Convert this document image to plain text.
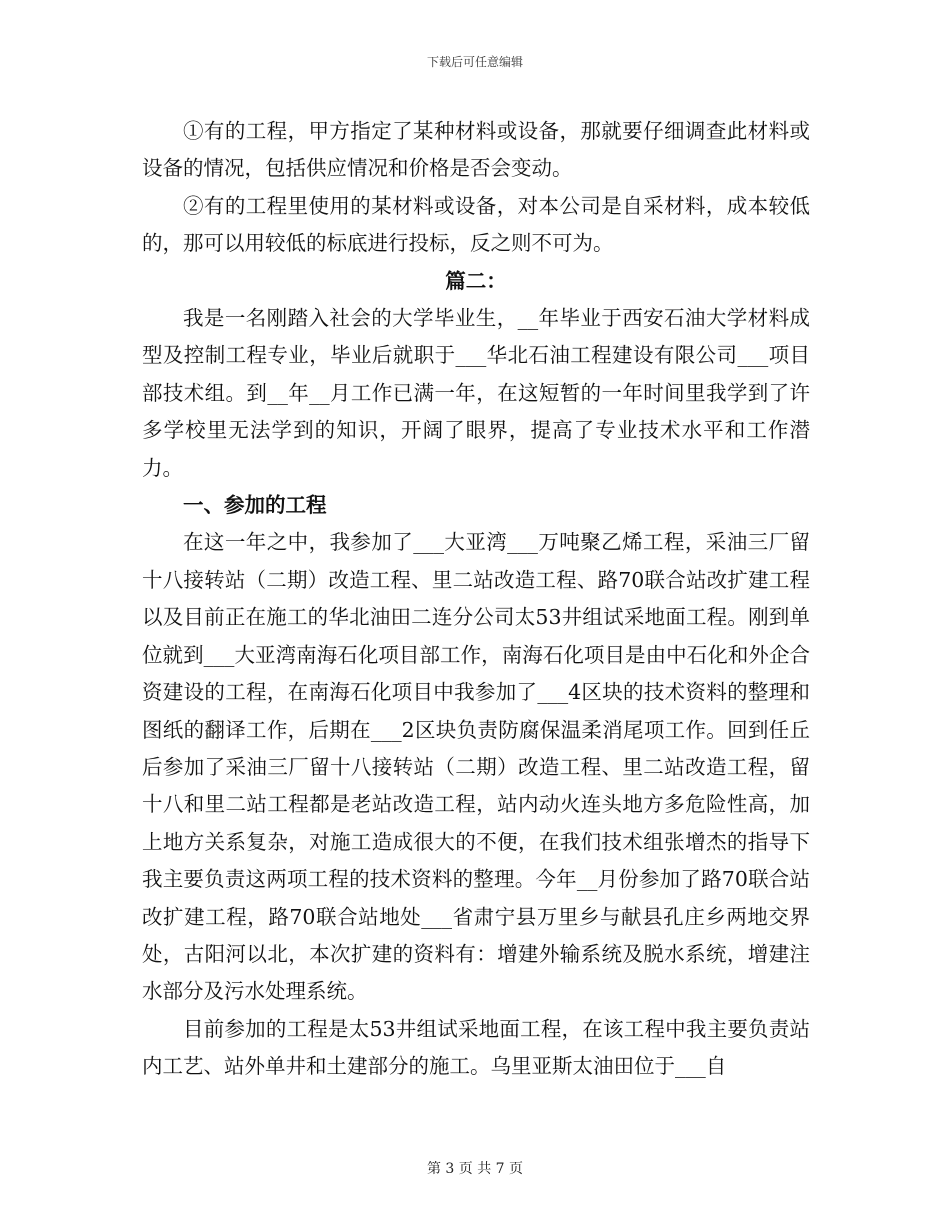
下载后可任意编辑

①有的工程，甲方指定了某种材料或设备，那就要仔细调查此材料或设备的情况，包括供应情况和价格是否会变动。

②有的工程里使用的某材料或设备，对本公司是自采材料，成本较低的，那可以用较低的标底进行投标，反之则不可为。

篇二：

我是一名刚踏入社会的大学毕业生，__年毕业于西安石油大学材料成型及控制工程专业，毕业后就职于___华北石油工程建设有限公司___项目部技术组。到__年__月工作已满一年，在这短暂的一年时间里我学到了许多学校里无法学到的知识，开阔了眼界，提高了专业技术水平和工作潜力。

一、参加的工程

在这一年之中，我参加了___大亚湾___万吨聚乙烯工程，采油三厂留十八接转站（二期）改造工程、里二站改造工程、路70联合站改扩建工程以及目前正在施工的华北油田二连分公司太53井组试采地面工程。刚到单位就到___大亚湾南海石化项目部工作，南海石化项目是由中石化和外企合资建设的工程，在南海石化项目中我参加了___4区块的技术资料的整理和图纸的翻译工作，后期在___2区块负责防腐保温柔消尾项工作。回到任丘后参加了采油三厂留十八接转站（二期）改造工程、里二站改造工程，留十八和里二站工程都是老站改造工程，站内动火连头地方多危险性高，加上地方关系复杂，对施工造成很大的不便，在我们技术组张增杰的指导下我主要负责这两项工程的技术资料的整理。今年__月份参加了路70联合站改扩建工程，路70联合站地处___省肃宁县万里乡与献县孔庄乡两地交界处，古阳河以北，本次扩建的资料有：增建外输系统及脱水系统，增建注水部分及污水处理系统。

目前参加的工程是太53井组试采地面工程，在该工程中我主要负责站内工艺、站外单井和土建部分的施工。乌里亚斯太油田位于___自

第 3 页 共 7 页
